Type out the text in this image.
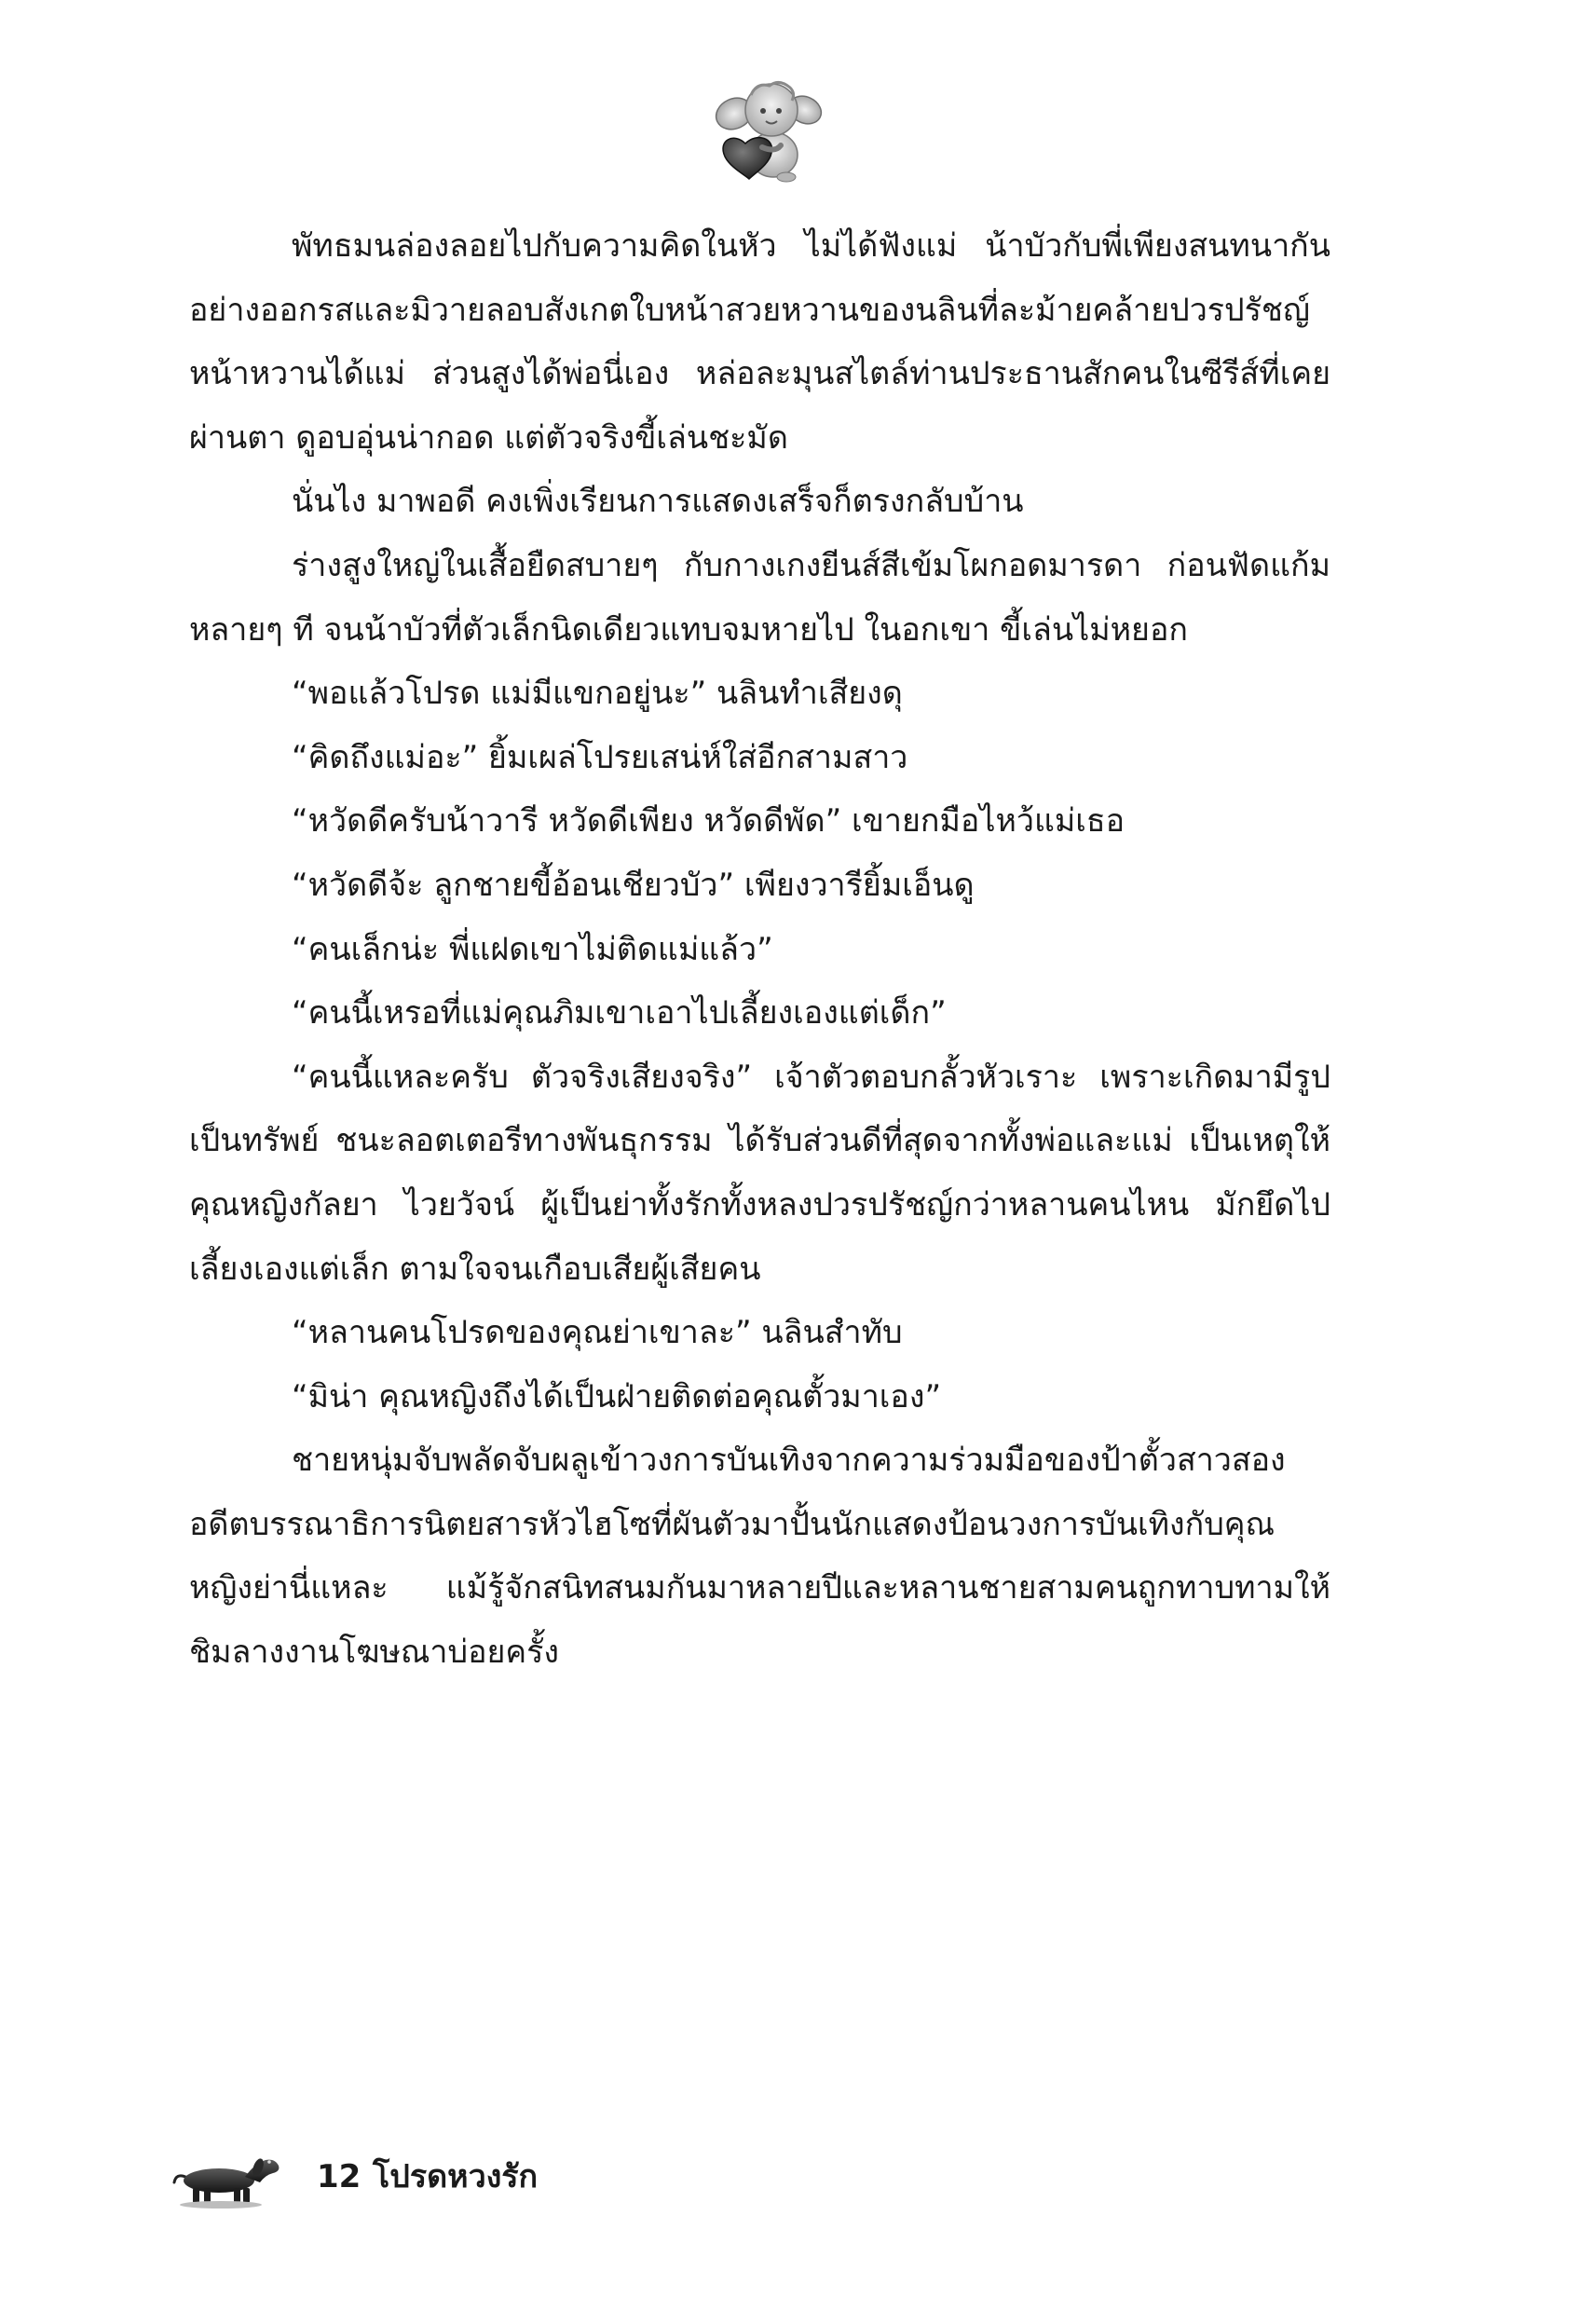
พัทธมนล่องลอยไปกับความคิดในหัว ไม่ได้ฟังแม่ น้าบัวกับพี่เพียงสนทนากันอย่างออกรสและมิวายลอบสังเกตใบหน้าสวยหวานของนลินที่ละม้ายคล้ายปวรปรัชญ์ หน้าหวานได้แม่ ส่วนสูงได้พ่อนี่เอง หล่อละมุนสไตล์ท่านประธานสักคนในซีรีส์ที่เคยผ่านตา ดูอบอุ่นน่ากอด แต่ตัวจริงขี้เล่นชะมัด

นั่นไง มาพอดี คงเพิ่งเรียนการแสดงเสร็จก็ตรงกลับบ้าน

ร่างสูงใหญ่ในเสื้อยืดสบายๆ กับกางเกงยีนส์สีเข้มโผกอดมารดา ก่อนฟัดแก้มหลายๆ ที จนน้าบัวที่ตัวเล็กนิดเดียวแทบจมหายไป ในอกเขา ขี้เล่นไม่หยอก

“พอแล้วโปรด แม่มีแขกอยู่นะ” นลินทำเสียงดุ

“คิดถึงแม่อะ” ยิ้มเผล่โปรยเสน่ห์ใส่อีกสามสาว

“หวัดดีครับน้าวารี หวัดดีเพียง หวัดดีพัด” เขายกมือไหว้แม่เธอ

“หวัดดีจ้ะ ลูกชายขี้อ้อนเชียวบัว” เพียงวารียิ้มเอ็นดู

“คนเล็กน่ะ พี่แฝดเขาไม่ติดแม่แล้ว”

“คนนี้เหรอที่แม่คุณภิมเขาเอาไปเลี้ยงเองแต่เด็ก”

“คนนี้แหละครับ ตัวจริงเสียงจริง” เจ้าตัวตอบกลั้วหัวเราะ เพราะเกิดมามีรูปเป็นทรัพย์ ชนะลอตเตอรีทางพันธุกรรม ได้รับส่วนดีที่สุดจากทั้งพ่อและแม่ เป็นเหตุให้คุณหญิงกัลยา ไวยวัจน์ ผู้เป็นย่าทั้งรักทั้งหลงปวรปรัชญ์กว่าหลานคนไหน มักยึดไปเลี้ยงเองแต่เล็ก ตามใจจนเกือบเสียผู้เสียคน

“หลานคนโปรดของคุณย่าเขาละ” นลินสำทับ

“มิน่า คุณหญิงถึงได้เป็นฝ่ายติดต่อคุณตั้วมาเอง”

ชายหนุ่มจับพลัดจับผลูเข้าวงการบันเทิงจากความร่วมมือของป้าตั้วสาวสองอดีตบรรณาธิการนิตยสารหัวไฮโซที่ผันตัวมาปั้นนักแสดงป้อนวงการบันเทิงกับคุณหญิงย่านี่แหละ แม้รู้จักสนิทสนมกันมาหลายปีและหลานชายสามคนถูกทาบทามให้ชิมลางงานโฆษณาบ่อยครั้ง

12 โปรดหวงรัก
